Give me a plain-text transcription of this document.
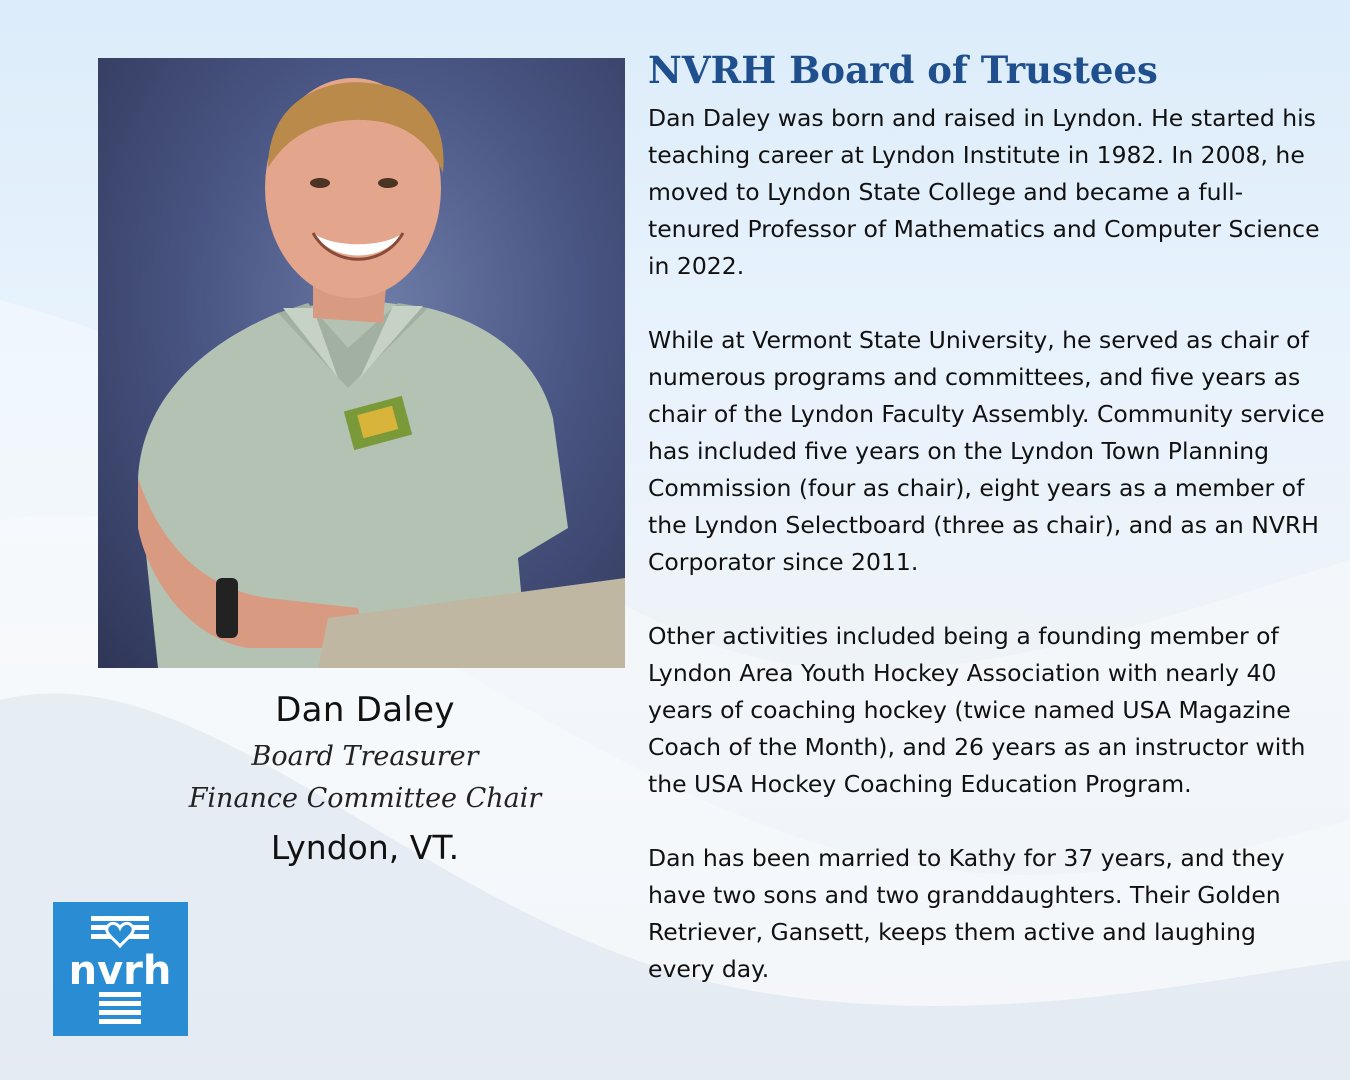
Dan Daley
Board Treasurer
Finance Committee Chair
Lyndon, VT.
nvrh
NVRH Board of Trustees

Dan Daley was born and raised in Lyndon. He started his teaching career at Lyndon Institute in 1982. In 2008, he moved to Lyndon State College and became a full-tenured Professor of Mathematics and Computer Science in 2022.

While at Vermont State University, he served as chair of numerous programs and committees, and five years as chair of the Lyndon Faculty Assembly. Community service has included five years on the Lyndon Town Planning Commission (four as chair), eight years as a member of the Lyndon Selectboard (three as chair), and as an NVRH Corporator since 2011.

Other activities included being a founding member of Lyndon Area Youth Hockey Association with nearly 40 years of coaching hockey (twice named USA Magazine Coach of the Month), and 26 years as an instructor with the USA Hockey Coaching Education Program.

Dan has been married to Kathy for 37 years, and they have two sons and two granddaughters. Their Golden Retriever, Gansett, keeps them active and laughing every day.
